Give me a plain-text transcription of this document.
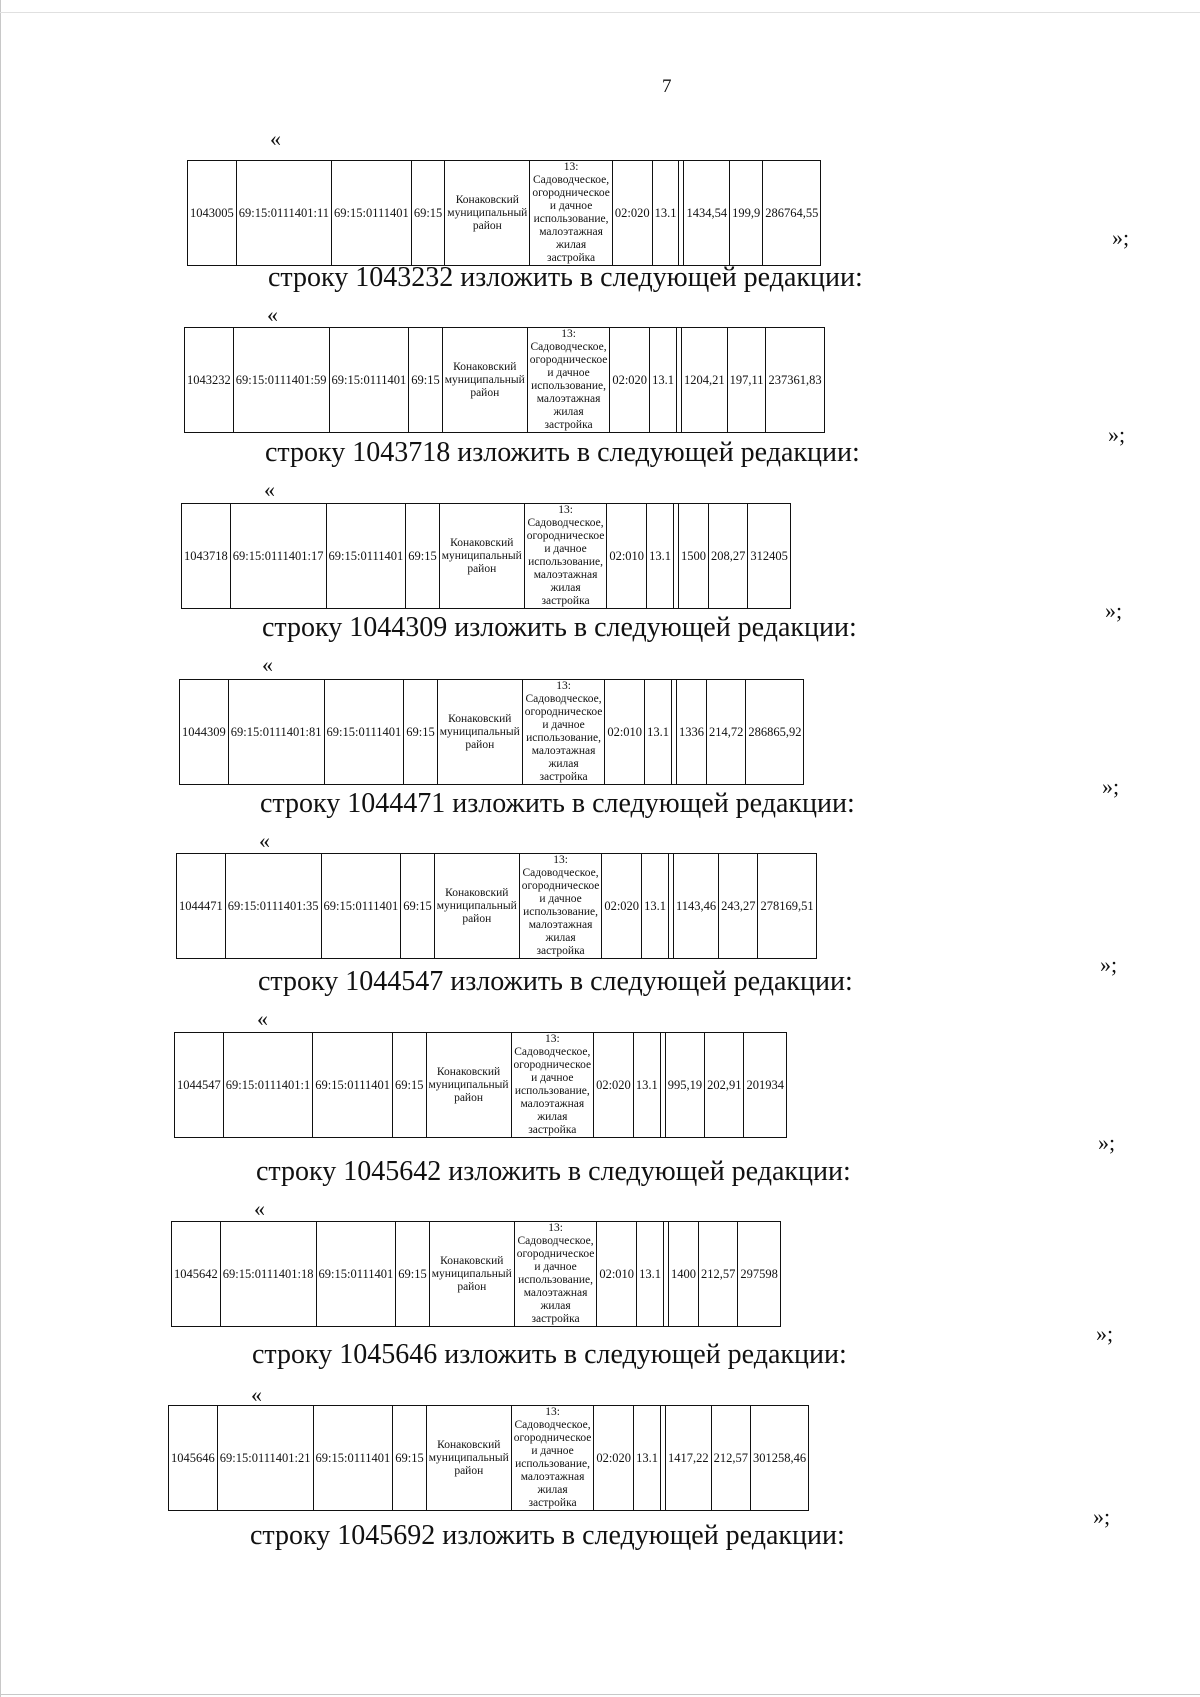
7
«
1043005	69:15:0111401:11	69:15:0111401	69:15	Конаковский муниципальный район	13: Садоводческое, огородническое и дачное использование, малоэтажная жилая застройка	02:020	13.1		1434,54	199,9	286764,55
»;
строку 1043232 изложить в следующей редакции:
«
1043232	69:15:0111401:59	69:15:0111401	69:15	Конаковский муниципальный район	13: Садоводческое, огородническое и дачное использование, малоэтажная жилая застройка	02:020	13.1		1204,21	197,11	237361,83
»;
строку 1043718 изложить в следующей редакции:
«
1043718	69:15:0111401:17	69:15:0111401	69:15	Конаковский муниципальный район	13: Садоводческое, огородническое и дачное использование, малоэтажная жилая застройка	02:010	13.1		1500	208,27	312405
»;
строку 1044309 изложить в следующей редакции:
«
1044309	69:15:0111401:81	69:15:0111401	69:15	Конаковский муниципальный район	13: Садоводческое, огородническое и дачное использование, малоэтажная жилая застройка	02:010	13.1		1336	214,72	286865,92
»;
строку 1044471 изложить в следующей редакции:
«
1044471	69:15:0111401:35	69:15:0111401	69:15	Конаковский муниципальный район	13: Садоводческое, огородническое и дачное использование, малоэтажная жилая застройка	02:020	13.1		1143,46	243,27	278169,51
»;
строку 1044547 изложить в следующей редакции:
«
1044547	69:15:0111401:1	69:15:0111401	69:15	Конаковский муниципальный район	13: Садоводческое, огородническое и дачное использование, малоэтажная жилая застройка	02:020	13.1		995,19	202,91	201934
»;
строку 1045642 изложить в следующей редакции:
«
1045642	69:15:0111401:18	69:15:0111401	69:15	Конаковский муниципальный район	13: Садоводческое, огородническое и дачное использование, малоэтажная жилая застройка	02:010	13.1		1400	212,57	297598
»;
строку 1045646 изложить в следующей редакции:
«
1045646	69:15:0111401:21	69:15:0111401	69:15	Конаковский муниципальный район	13: Садоводческое, огородническое и дачное использование, малоэтажная жилая застройка	02:020	13.1		1417,22	212,57	301258,46
»;
строку 1045692 изложить в следующей редакции:
